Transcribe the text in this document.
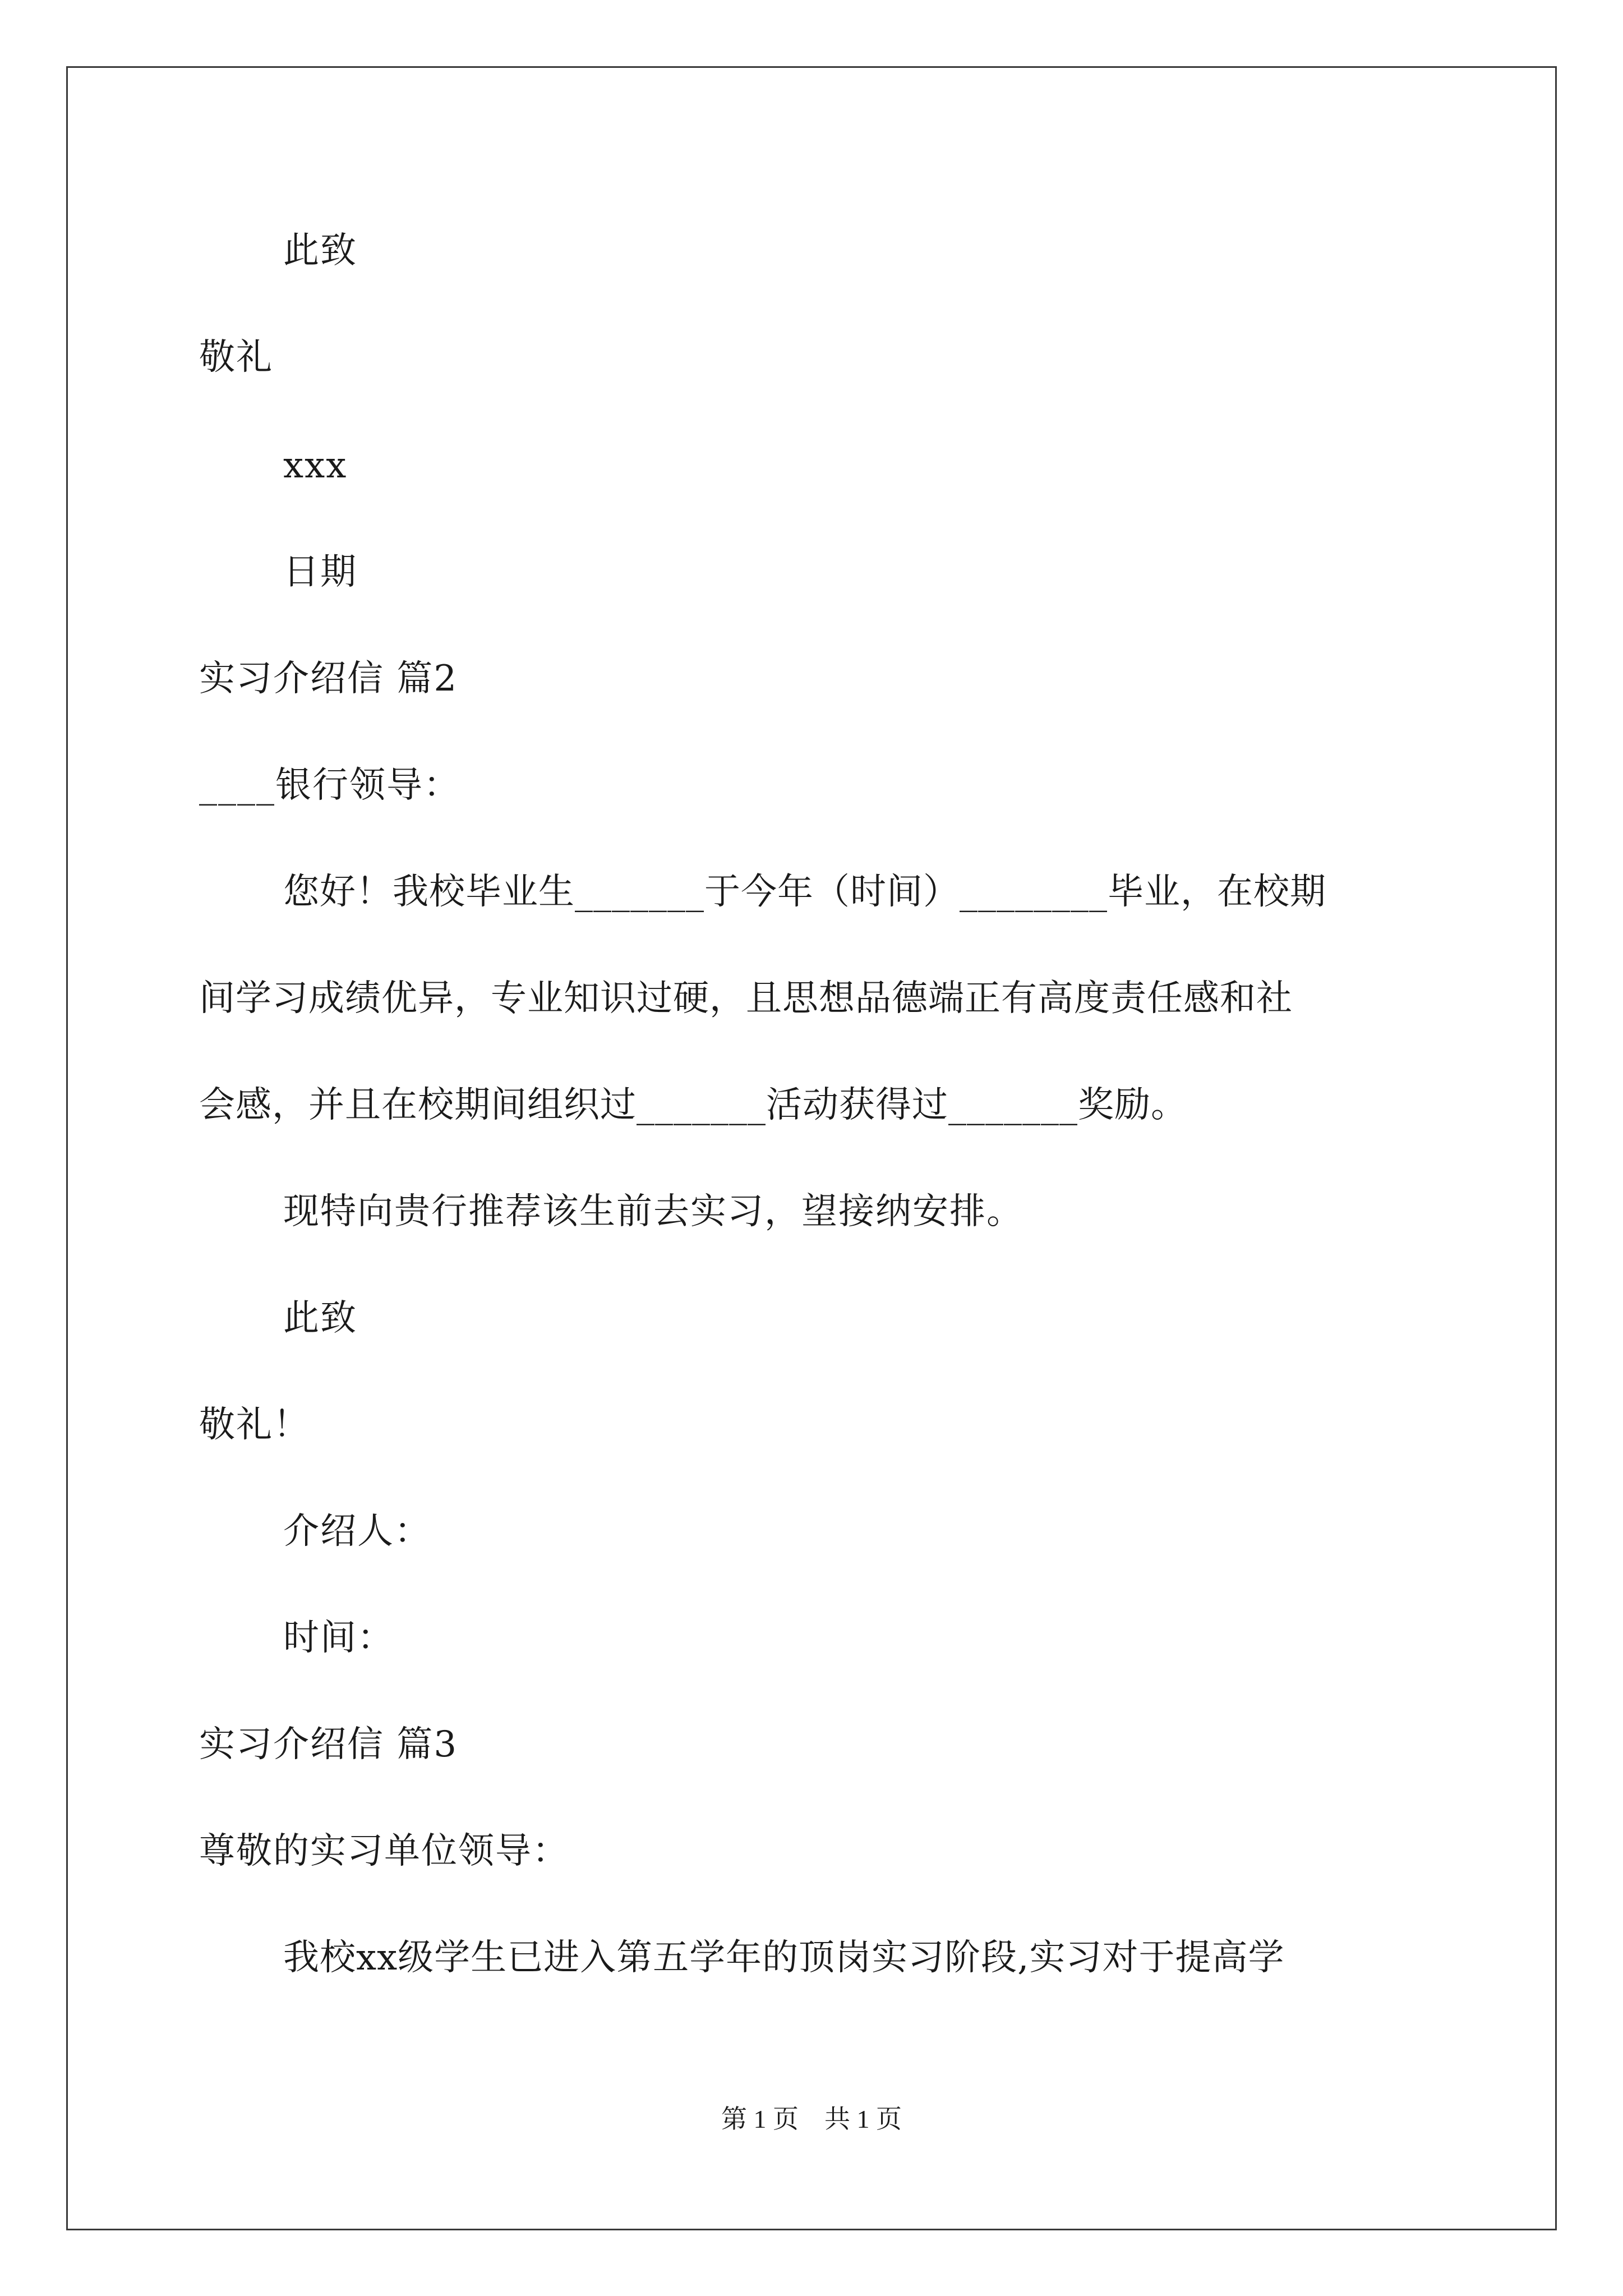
此致
敬礼
xxx
日期
实习介绍信 篇2
____银行领导：
您好！我校毕业生_______于今年（时间）________毕业，在校期
间学习成绩优异，专业知识过硬，且思想品德端正有高度责任感和社
会感，并且在校期间组织过_______活动获得过_______奖励。
现特向贵行推荐该生前去实习，望接纳安排。
此致
敬礼！
介绍人：
时间：
实习介绍信 篇3
尊敬的实习单位领导：
我校xx级学生已进入第五学年的顶岗实习阶段,实习对于提高学
第 1 页　共 1 页
